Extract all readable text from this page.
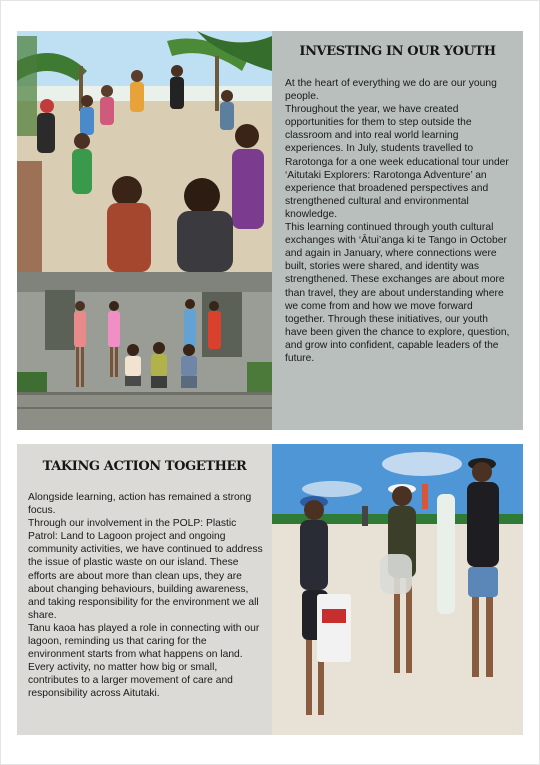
INVESTING IN OUR YOUTH

At the heart of everything we do are our young people.

Throughout the year, we have created opportunities for them to step outside the classroom and into real world learning experiences. In July, students travelled to Rarotonga for a one week educational tour under ‘Aitutaki Explorers: Rarotonga Adventure’ an experience that broadened perspectives and strengthened cultural and environmental knowledge.

This learning continued through youth cultural exchanges with ‘Ātui’anga ki te Tango in October and again in January, where connections were built, stories were shared, and identity was strengthened. These exchanges are about more than travel, they are about understanding where we come from and how we move forward together. Through these initiatives, our youth have been given the chance to explore, question, and grow into confident, capable leaders of the future.

TAKING ACTION TOGETHER

Alongside learning, action has remained a strong focus.

Through our involvement in the POLP: Plastic Patrol: Land to Lagoon project and ongoing community activities, we have continued to address the issue of plastic waste on our island. These efforts are about more than clean ups, they are about changing behaviours, building awareness, and taking responsibility for the environment we all share.

Tanu kaoa has played a role in connecting with our lagoon, reminding us that caring for the environment starts from what happens on land. Every activity, no matter how big or small, contributes to a larger movement of care and responsibility across Aitutaki.
